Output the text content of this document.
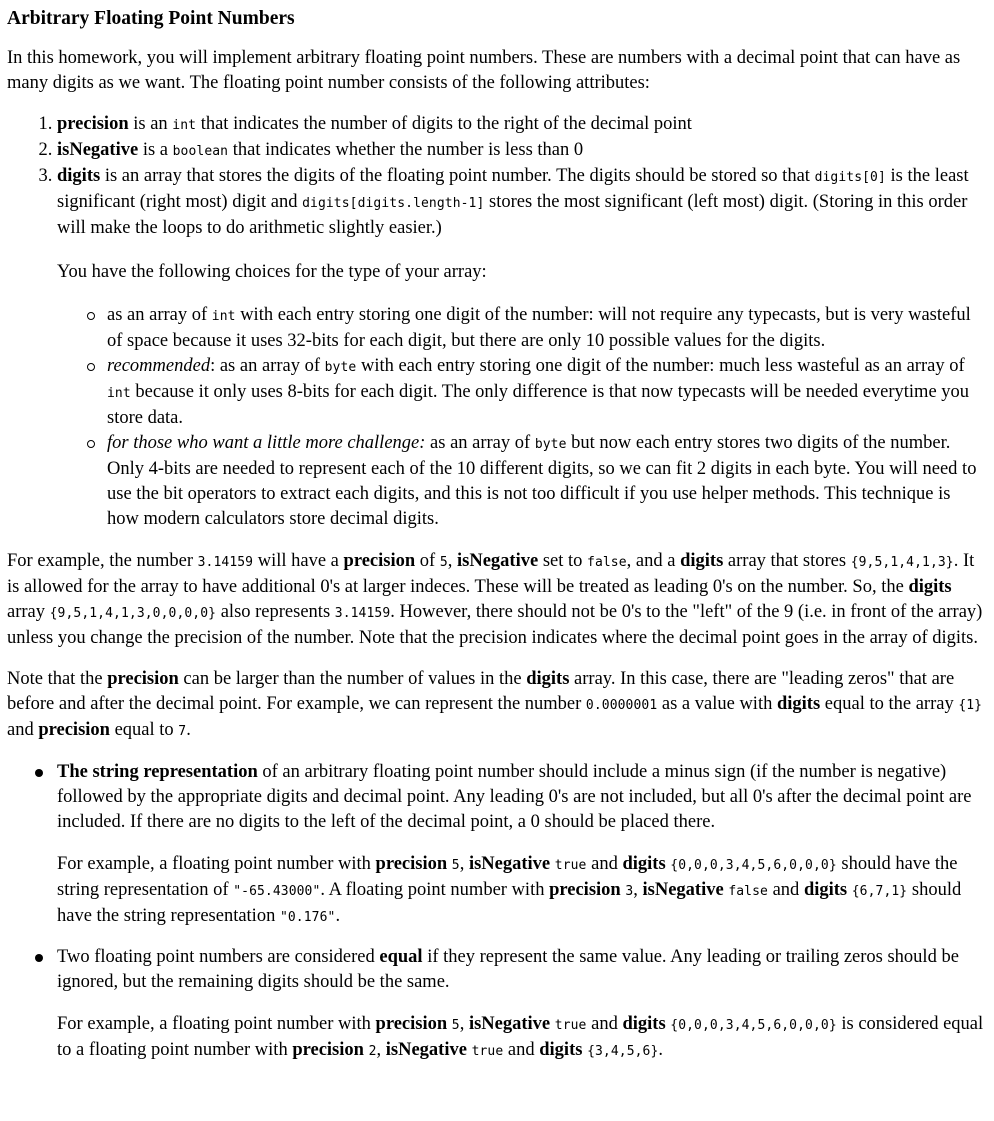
Arbitrary Floating Point Numbers

In this homework, you will implement arbitrary floating point numbers. These are numbers with a decimal point that can have as many digits as we want. The floating point number consists of the following attributes:

1. precision is an int that indicates the number of digits to the right of the decimal point
2. isNegative is a boolean that indicates whether the number is less than 0
3. digits is an array that stores the digits of the floating point number. The digits should be stored so that digits[0] is the least significant (right most) digit and digits[digits.length-1] stores the most significant (left most) digit. (Storing in this order will make the loops to do arithmetic slightly easier.)
You have the following choices for the type of your array:
as an array of int with each entry storing one digit of the number: will not require any typecasts, but is very wasteful of space because it uses 32-bits for each digit, but there are only 10 possible values for the digits.
recommended: as an array of byte with each entry storing one digit of the number: much less wasteful as an array of int because it only uses 8-bits for each digit. The only difference is that now typecasts will be needed everytime you store data.
for those who want a little more challenge: as an array of byte but now each entry stores two digits of the number. Only 4-bits are needed to represent each of the 10 different digits, so we can fit 2 digits in each byte. You will need to use the bit operators to extract each digits, and this is not too difficult if you use helper methods. This technique is how modern calculators store decimal digits.

For example, the number 3.14159 will have a precision of 5, isNegative set to false, and a digits array that stores {9,5,1,4,1,3}. It is allowed for the array to have additional 0's at larger indeces. These will be treated as leading 0's on the number. So, the digits array {9,5,1,4,1,3,0,0,0,0} also represents 3.14159. However, there should not be 0's to the "left" of the 9 (i.e. in front of the array) unless you change the precision of the number. Note that the precision indicates where the decimal point goes in the array of digits.

Note that the precision can be larger than the number of values in the digits array. In this case, there are "leading zeros" that are before and after the decimal point. For example, we can represent the number 0.0000001 as a value with digits equal to the array {1} and precision equal to 7.

The string representation of an arbitrary floating point number should include a minus sign (if the number is negative) followed by the appropriate digits and decimal point. Any leading 0's are not included, but all 0's after the decimal point are included. If there are no digits to the left of the decimal point, a 0 should be placed there.

For example, a floating point number with precision 5, isNegative true and digits {0,0,0,3,4,5,6,0,0,0} should have the string representation of "-65.43000". A floating point number with precision 3, isNegative false and digits {6,7,1} should have the string representation "0.176".

Two floating point numbers are considered equal if they represent the same value. Any leading or trailing zeros should be ignored, but the remaining digits should be the same.

For example, a floating point number with precision 5, isNegative true and digits {0,0,0,3,4,5,6,0,0,0} is considered equal to a floating point number with precision 2, isNegative true and digits {3,4,5,6}.
